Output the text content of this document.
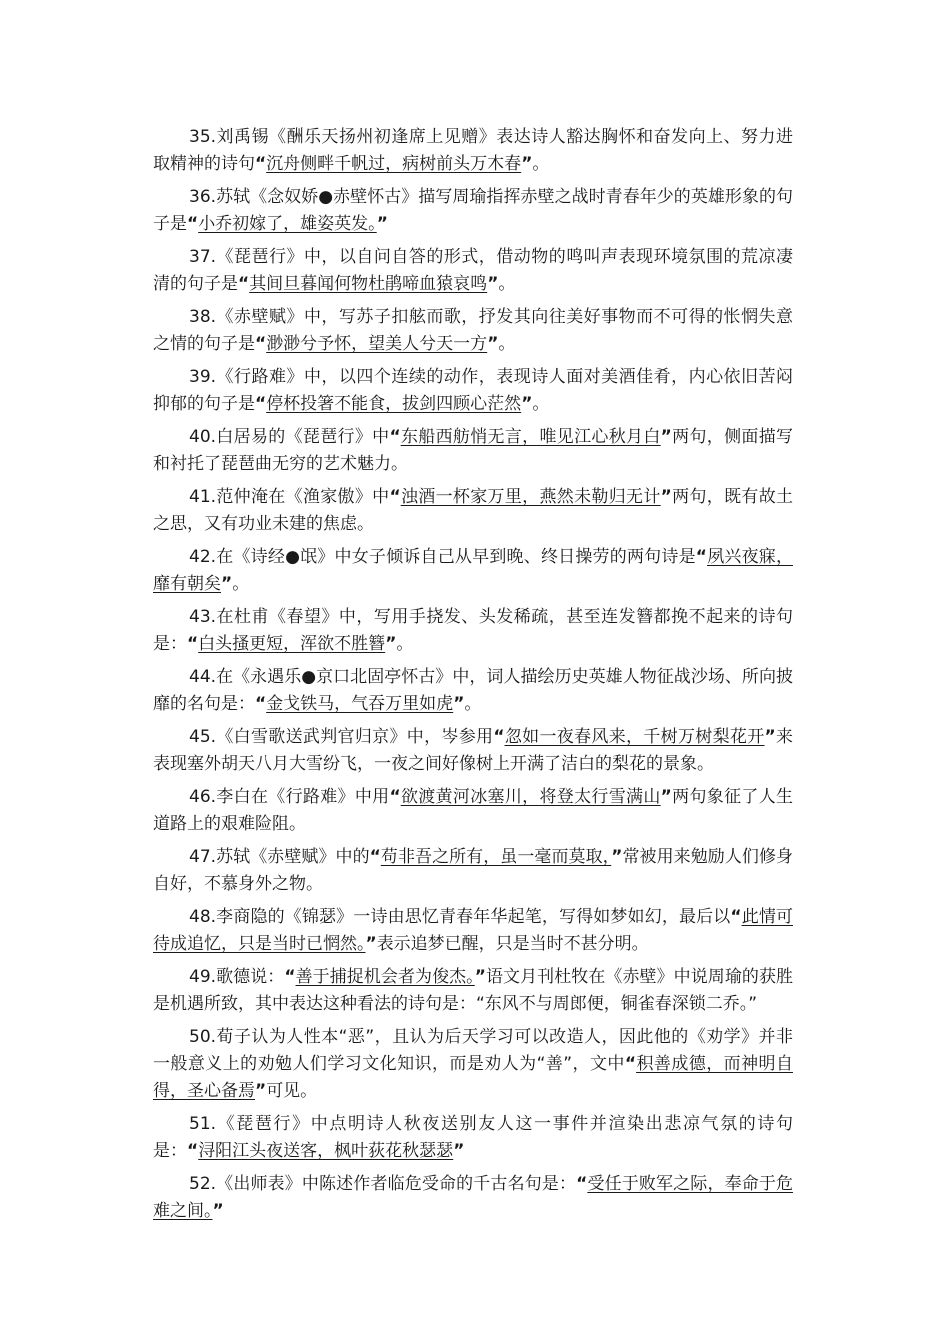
35.刘禹锡《酬乐天扬州初逢席上见赠》表达诗人豁达胸怀和奋发向上、努力进取精神的诗句“沉舟侧畔千帆过，病树前头万木春”。

36.苏轼《念奴娇●赤壁怀古》描写周瑜指挥赤壁之战时青春年少的英雄形象的句子是“小乔初嫁了，雄姿英发。”

37.《琵琶行》中，以自问自答的形式，借动物的鸣叫声表现环境氛围的荒凉凄清的句子是“其间旦暮闻何物杜鹃啼血猿哀鸣”。

38.《赤壁赋》中，写苏子扣舷而歌，抒发其向往美好事物而不可得的怅惘失意之情的句子是“渺渺兮予怀，望美人兮天一方”。

39.《行路难》中，以四个连续的动作，表现诗人面对美酒佳肴，内心依旧苦闷抑郁的句子是“停杯投箸不能食，拔剑四顾心茫然”。

40.白居易的《琵琶行》中“东船西舫悄无言，唯见江心秋月白”两句，侧面描写和衬托了琵琶曲无穷的艺术魅力。

41.范仲淹在《渔家傲》中“浊酒一杯家万里，燕然未勒归无计”两句，既有故土之思，又有功业未建的焦虑。

42.在《诗经●氓》中女子倾诉自己从早到晚、终日操劳的两句诗是“夙兴夜寐，靡有朝矣”。

43.在杜甫《春望》中，写用手挠发、头发稀疏，甚至连发簪都挽不起来的诗句是：“白头搔更短，浑欲不胜簪”。

44.在《永遇乐●京口北固亭怀古》中，词人描绘历史英雄人物征战沙场、所向披靡的名句是：“金戈铁马，气吞万里如虎”。

45.《白雪歌送武判官归京》中，岑参用“忽如一夜春风来，千树万树梨花开”来表现塞外胡天八月大雪纷飞，一夜之间好像树上开满了洁白的梨花的景象。

46.李白在《行路难》中用“欲渡黄河冰塞川，将登太行雪满山”两句象征了人生道路上的艰难险阻。

47.苏轼《赤壁赋》中的“苟非吾之所有，虽一毫而莫取，”常被用来勉励人们修身自好，不慕身外之物。

48.李商隐的《锦瑟》一诗由思忆青春年华起笔，写得如梦如幻，最后以“此情可待成追忆，只是当时已惘然。”表示追梦已醒，只是当时不甚分明。

49.歌德说：“善于捕捉机会者为俊杰。”语文月刊杜牧在《赤壁》中说周瑜的获胜是机遇所致，其中表达这种看法的诗句是：“东风不与周郎便，铜雀春深锁二乔。”

50.荀子认为人性本“恶”，且认为后天学习可以改造人，因此他的《劝学》并非一般意义上的劝勉人们学习文化知识，而是劝人为“善”，文中“积善成德，而神明自得，圣心备焉”可见。

51.《琵琶行》中点明诗人秋夜送别友人这一事件并渲染出悲凉气氛的诗句是：“浔阳江头夜送客，枫叶荻花秋瑟瑟”

52.《出师表》中陈述作者临危受命的千古名句是：“受任于败军之际，奉命于危难之间。”
